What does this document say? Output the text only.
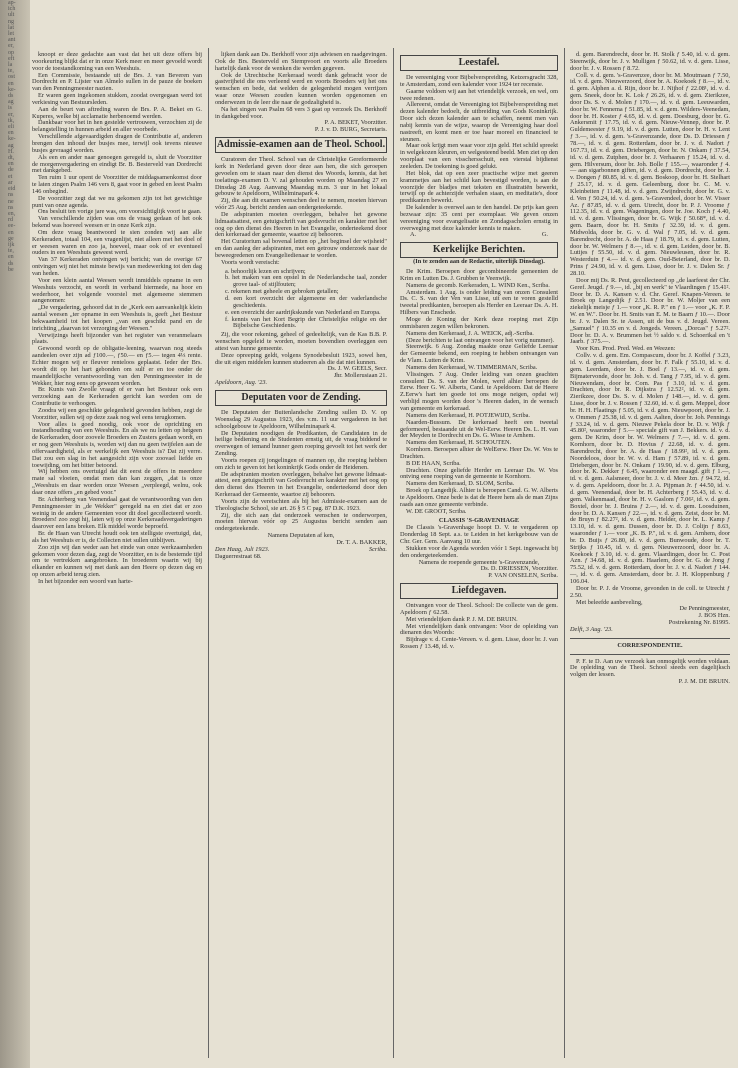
ap-
ich
ult
ng
lat
let
ant
er,
op
eft
la
te,
ost
en
ke-
ds
ag
is
er,
tk,
eli
en
ke-
ag
H.
dt,
en
de
et
ar
eid
ns
ne
ns
en,
rd
ee-
en
ge
ijk
te,
en
ds
be

knoopt er deze gedachte aan vast dat het uit deze offers bij voorkeuring blijkt dat er in onze Kerk meer en meer gevoeld wordt voor de toestandkoming van een Weeshuis.

Een Commissie, bestaande uit de Brs. J. van Beveren van Dordrecht en P. Lijster van Almelo sullen in de pauze de boeken van den Penningmeester nazien.

Er waren geen ingekomen stukken, zoodat overgegaan werd tot verkiesing van Bestuursleden.

Aan de beurt van aftreding waren de Brs. P. A. Beket en G. Kuperes, welke bij acclamatie herbenoemd werden.

Dankbaar voor het in hen gestelde vertrouwen, verzochten zij de belangstelling in hunnen arbeid en aller voorbede.

Verschillende afgevaardigden dragen de Contributie af, anderen brengen den inhoud der busjes mee, terwijl ook tevens nieuwe busjes gevraagd worden.

Als een en ander naar genoegen geregeld is, sluit de Voorzitter de morgenvergadering en eindigt Br. B. Besterveld van Dordrecht met dankgebed.

Ten ruim 1 uur opent de Voorzitter de middagsamenkomst door te laten zingen Psalm 146 vers 8, gaat voor in gebed en leest Psalm 146 onbegind.

De voorzitter zegt dat we nu gekomen zijn tot het gewichtige punt van onze agenda.

Ons besluit ten vorige jare was, om voorsichtiglijk voort te gaan.

Van verschillende zijden was ons de vraag gedaan of het ook bekend was hoeveel weesen er in onze Kerk zijn.

Om deze vraag beantwoord te sien zonden wij aan alle Kerkeraden, totaal 104, een vragenlijst, niet alleen met het doel of er weesen waren en zoo ja, hoeveel, maar ook of er eventueel ouders in een Weeshuis geweest werd.

Van 37 Kerkeraden ontvingen wij bericht; van de overige 67 ontvingen wij niet het minste bewijs van medewerking tot den dag van heden.

Voor een klein aantal Weesen wordt inmiddels opname in een Weeshuis verzocht, en wordt in verband hiermede, na hoor en wederhoor, het volgende voorstel met algemeene stemmen aangenomen:

„De vergadering, gehoord dat in de „Kerk een aanvankelijk klein aantal weesen „ter opname in een Weeshuis is, geeft „het Bestuur bekwaamheid tot het koopen „van een geschikt pand en de inrichting „daarvan tot verzorging der Weesen."

Verwijzings heeft bijzonder van het register van veranmelaars plaats.

Gewoond wordt op de obligatie-leening, waarvan nog steeds aandeelen over zijn ad ƒ100.—, ƒ50.— en ƒ5.— tegen 4⅓ rente. Echter mogen wij er fleuver renteloos geplaatst. Ieder der Brs. wordt dit op het hart gebonden om sulf er en toe onder de maandelijksche verantwoording van den Penningmeester in de Wekker, hier nog eens op gewezen worden.

Br. Kunis van Zwolle vraagt of er van het Bestuur ook een verzoeking aan de Kerkeraden gericht kan worden om de Contributie te verhoogen.

Zoodra wij een geschikte gelegenheid gevonden hebben, zegt de Voorzitter, sullen wij op deze zaak nog wel eens terugkomen.

Voor alles is goed noodig, ook voor de oprichting en instandhouding van een Weeshuis. En als we nu letten op hetgeen de Kerkeraden, door zoovele Broeders en Zusters gedaan wordt, en er nog geen Weeshuis is, worden wij dan nu geen twijfelen aan de offervaardigheid, als er werkelijk een Weeshuis is? Dat zij verre. Dat zou een slag in het aangesicht zijn voor zoovael liefde en toewijding, om het bitter betoond.

Wij hebben ons overtuigd dat dit eerst de offers in meerdere mate sal vloeien, omdat men dan kan zeggen, „dat is onze „Weeshuis en daar worden onze Weesen „verpleegd, welnu, ook daar onze offers „en gebed voor."

Br. Achterberg van Veenendaal gaat de verantwoording van den Penningmeester in „de Wekker" geregeld na en ziet dat er zoo weinig in de andere Gemeenten voor dit doel gecollecteerd wordt. Broeders! zoo zegt hij, laten wij op onze Kerkeraadsvergaderingen daarover een lans breken. Elk middel worde beproefd.

Br. de Haan van Utrecht houdt ook ten stelligste overtuigd, dat, als het Weeshuis er is, de Collecten niet sullen uitblijven.

Zoo zijn wij dan weder aan het einde van onze werkzaamheden gekomen voor dezen dag, zegt de Voorzitter, en is de bestemde tijd om te vertrekken aangebroken. In broederen waarin wij bij elkander en kunnen wij met dank aan den Heere op dezen dag en op onzen arbeid terug zien.

In het bijzonder een woord van harte-

lijken dank aan Ds. Berkhoff voor zijn adviesen en raadgevingen. Ook de Brs. Besterveld en Stempvoort en voorts alle Broeders hartelijk dank voor de wenken die werden gegeven.

Ook de Utrechtsche Kerkeraad wordt dank gebracht voor de gastvrijheid die ons verleend werd en voorts Broeders wij het ons wenschen en bede, dat welden de gelegenheid mogen verrijzen waar onze Weesen zouden kunnen worden opgenomen en onderwezen in de leer die naar de godzaligheid is.

Na het singen van Psalm 68 vers 3 gaat op verzoek Ds. Berkhoff in dankgebed voor.

P. A. BEKET, Voorzitter.
P. J. v. D. BURG, Secretaris.
Admissie-examen aan de Theol. School.

Curatoren der Theol. School van de Christelijke Gereformeerde kerk in Nederland geven door deze aan hen, die sich geroepen gevoelen om te staan naar den dienst des Woords, kennis, dat het toelatings-examen D. V. zal gehouden worden op Maandag 27 en Dinsdag 28 Aug. Aanvang Maandag m.m. 3 uur in het lokaal gebouw te Apeldoorn, Wilhelminapark 4.

Zij, die aan dit examen wenschen deel te nemen, moeten hiervan vóór 25 Aug. bericht zenden aan ondergeteekende.

De adspiranten moeten overleggen, behalve het gewone lidmaatsattest, een getuigschrift van godsvrucht en karakter met het oog op den dienst des Heeren in het Evangelie, onderteekend door den kerkeraad der gemeente, waartoe zij behooren.

Het Curatorium sal bovenal letten op „het beginsel der wijsheid" en dan aanleg der adspiranten, met een getrouw onderzoek naar de beweegredenen om Evangeliedienaar te worden.

Voorts wordt vereischt:

a. behoorlijk lezen en schrijven;
b. het maken van een opstel in de Nederlandsche taal, zonder grove taal- of stijlfouten;
c. rekenen met geheele en gebroken getallen;
d. een kort overzicht der algemeene en der vaderlandsche geschiedenis.
e. een overzicht der aardrijkskunde van Nederland en Europa.
f. kennis van het Kort Begrip der Christelijke religie en der Bijbelsche Geschiedenis.

Zij, die voor rekening, geheel of gedeeltelijk, van de Kas B.B. P. wenschen opgeleid te worden, moeten bovendien overleggen een attest van hunne gemeente.

Deze opreeping geldt, volgens Synodebesluit 1923, sowel hen, die uit eigen middelen kunnen studeeren als die dat niet kunnen.

Ds. J. W. GEELS, Secr.
Jhr. Mollerusiaan 21.
Apeldoorn, Aug. '23.
Deputaten voor de Zending.

De Deputaten der Buitenlandsche Zending sullen D. V. op Woensdag 29 Augustus 1923, des v.m. 11 uur vergaderen in het schoolgebouw te Apeldoorn, Wilhelminapark 4.

De Deputaten noodigen de Predikanten, de Candidaten in de heilige bediening en de Studenten ernstig uit, de vraag biddend te overwegen of iemand hunner geen roeping gevoelt tot het werk der Zending.

Voorts roepen zij jongelingen of mannen op, die roeping hebben om zich te geven tot het koninkrijk Gods onder de Heidenen.

De adspiranten moeten overleggen, behalve het gewone lidmaat-attest, een getuigschrift van Godsvrucht en karakter met het oog op den dienst des Heeren in het Evangelie, onderteekend door den Kerkeraad der Gemeente, waartoe zij behooren.

Voorts zijn de vereischten als bij het Admissie-examen aan de Theologische School, sie art. 26 § 5 C pag. 87 D.K. 1923.

Zij, die sich aan dat onderzoek wenschen te onderworpen, moeten hiervan vóór op 25 Augustus bericht senden aan ondergeteekende.

Namens Deputaten af ken,
Dr. T. A. BAKKER,
Den Haag, Juli 1923.	Scriba.
Daguerrestraat 68.
Leestafel.

De vereeniging voor Bijbelverspreiding, Keizersgracht 328, te Amsterdam, zond een kalender voor 1924 ter recensie.

Gaarne voldoen wij aan het vriendelijk verzoek, en wel, om twee redenen.

Allereerst, omdat de Vereeniging tot Bijbelverspreiding met dezen kalender bedoelt, de uitbreiding van Gods Koninkrijk. Door sich dezen kalender aan te schaffen, neemt men van nabij kennis van de wijze, waarop de Vereeniging haar doel nastreeft, en komt men er toe haar moreel en financieel te steunen.

Maar ook krijgt men waar voor zijn geld. Het schild spreekt in welgekozen kleuren, en welgesteend beeld. Men ziet op den voorplaat van een visschersschuit, een vierstal bijdienst zeeleden. De toekening is goed gelukt.

Het blok, dat op een zeer practische wijze met geeren krammetjes aan het schild kan bevestigd worden, is aan de voorzijde der bladjes met teksten en illustratiën bewerkt, terwijl op de achterzijde verhalen staan, en meditatie's, door predikanten bewerkt.

De kalender is overwel aan te den handel. De prijs kan geen bezwaar zijn: 35 cent per exemplaar. We geven onzen vereeniging voor evangelisatie en Zondagsscholen ernstig in overweging met deze kalender kennis te maken.

A.	G.
Kerkelijke Berichten.
(In te zenden aan de Redactie, uiterlijk Dinsdag).

De Krim. Beroepen door gecombineerde gemeenten de Krim en Lutten Ds. J. Grubben te Veenwijk.

Namens de gecomb. Kerkeraden, L. WIND Ken., Scriba.

Amsterdam. 1 Aug. is onder leiding van onzen Consulent Ds. C. S. van der Ven van Lisse, uit een te voren gestelld tweetal predikanten, beroepen als Herder en Leeraar Ds. A. H. Hilbers van Enschede.

Moge de Koning der Kerk deze roeping met Zijn onmisbaren zegen willen bekronen.

Namens den Kerkeraad, J. A. WEICK, adj.-Scriba.

(Deze berichten te laat ontvangen voor het vorig nummer).

Steenwijk. 6 Aug. Zondag maakte onze Geliefde Leeraar der Gemeente bekend, een roeping te hebben ontvangen van de Vlam. Lutten de Krim.

Namens den Kerkeraad, W. TIMMERMAN, Scriba.

Vlissingen. 7 Aug. Onder leiding van onzen geachten consulent Ds. S. van der Molen, werd alhier beroepen de Eerw. Heer G. W. Alberts, Cand. te Apeldoorn. Dat de Heere Z.Eerw's hart ten goede tot ons moge neigen, opdat wij verblijd mogen worden door 's Heeren daden, in de wensch van gemeente en kerkeraad.

Namens den Kerkeraad, H. POTJEWIJD, Scriba.

Naarden-Bussum. De kerkeraad heeft een tweetal geformeerd, bestaande uit de Wel-Eerw. Heeren Ds. L. H. van der Meyden te Dordrecht en Ds. G. Wisse te Arnhem.

Namens den Kerkeraad, H. SCHOUTEN.

Kornhorn. Beroepen alhier de WelEerw. Heer Ds. W. Vos te Drachten.

B DE HAAN, Scriba.

Drachten. Onze geliefde Herder en Leeraar Ds. W. Vos ontving eene roeping van de gemeente te Kornhorn.

Namens den Kerkeraad, D. SLOM, Scriba.

Broek op Langedijk. Alhier is beroepen Cand. G. W. Alberts te Apeldoorn. Onze bede is dat de Heere hem als de man Zijns raads aan onze gemeente verbinde.

W. DE GROOT, Scriba.

CLASSIS 'S-GRAVENHAGE

De Classis 's-Gravenhage hoopt D. V. te vergaderen op Donderdag 18 Sept. a.s. te Leiden in het kerkgebouw van de Chr. Ger. Gem. Aanvang 10 uur.

Stukken voor de Agenda worden vóór 1 Sept. ingewacht bij den ondergeteekenden.

Namens de roepende gemeente 's-Gravenzande,
Ds. D. DRIESSEN, Voorzitter.
P. VAN ONSELEN, Scriba.
Liefdegaven.

Ontvangen voor de Theol. School: De collecte van de gem. Apeldoorn ƒ 62.58.

Met vriendelijken dank P. J. M. DE BRUIN.

Met vriendelijken dank ontvangen: Voor de opleiding van dienaren des Woords:

Bijdrage v. d. Cente-Vereen. v. d. gem. Lisse, door br. J. van Rossen ƒ 13.48, id. v.

d. gem. Barendrecht, door br. H. Stolk ƒ 5.40, id. v. d. gem. Steenwijk, door br. J. v. Mulligen ƒ 50.62, id. v. d. gem. Lisse, door br. J. v. Rossen ƒ 8.72.

Coll. v. d. gem. 's-Gravenzee, door br. M. Moutmaan ƒ 7.50, id. v. d. gem. Nieuwerzoord, door br. A. Koekoek ƒ 8.—, id. v. d. gem. Alphen a. d. Rijn, door br. J. Nijhof ƒ 22.08¹, id. v. d. gem. Sneek, door br. K. Lok ƒ 26.26, id. v. d. gem. Zierikzee, door Ds. S. v. d. Molen ƒ 170.—, id. v. d. gem. Leeuwarden, door br. W. Fennema ƒ 51.85, id. v. d. gem. Wilders-Veenedam, door br. H. Koster ƒ 4.65, id. v. d. gem. Doesburg, door br. G. Ankersmit ƒ 17.75, id. v. d. gem. Nieuw-Vennep, door br. P. Guldemeester ƒ 9.19, id. v. d. gem. Lutten, door br. H. v. Lent ƒ 3.—, id. v. d. gem. 's-Gravenzande, door Ds. D. Driessen ƒ 78.—, id. v. d. gem. Rotterdam, door br. J. v. d. Nadort ƒ 167.73, id. v. d. gem. Driebergen, door br. N. Onkam ƒ 37.54, id. v. d. gem. Zutphen, door br. J. Verhaaren ƒ 15.24, id. v. d. gem. Hilversum, door br. Joh. Bolle ƒ 155.—, waaronder ƒ 4.— aan sigarbonnen giften, id. v. d. gem. Dordrecht, door br. J. v. Dongen ƒ 80.85, id. v. d. gem. Boskoop, door br. H. Stelhart ƒ 25.17, id. v. d. gem. Geleenburg, door br. C. M. v. Kleinbeiten ƒ 11.48, id. v. d. gem. Zwijndrecht, door br. G. v. d. Ven ƒ 50.24, id. v. d. gem. 's-Gravendeel, door br. W. Visser Az. ƒ 87.85, id. v. d. gem. Utrecht, door br. P. J. Vroome ƒ 112.35, id. v. d. gem. Wageningen, door br. Joe. Koch ƒ 4.40, id. v. d. gem. Vlissingen, door br. G. Wijk ƒ 50.68*, id. v. d. gem. Baarn, door br. H. Smits ƒ 32.39, id. v. d. gem. Midwolda, door br. G. v. d. Wal ƒ 7.05, id. v. d. gem. Barendrecht, door br. A. de Haas ƒ 18.79, id. v. d. gem. Lutten, door br. W. Welmers ƒ 8.—, id. v. d. gem. Leiden, door br. B. Lutijes ƒ 55.50, id. v. d. gem. Nieuwleusen, door br. R. Westerduin ƒ 4.— id. v. d. gem. Oud-Beierland, door br. D. Prins ƒ 24.90, id. v. d. gem. Lisse, door br. J. v. Dalen Sr. ƒ 28.10.

Door mij Ds. R. Peut, gecollecteerd op „de laarfeest der Chr. Geref. Jeugd. ƒ 9.—, id. „bij en werk" te Vlaardingen ƒ 15.41². Door br. D. A. Kansen v. d. Chr. Geref. Knapen-Vereen. te Broek op Langedijk ƒ 2.51. Door br. W. Moljer van een ziekelijk meisje ƒ 1.— voor „K. R. P." en ƒ 1.— voor „K. F. P. W. en W.". Door br. H. Smits van E. M. te Baarn ƒ 10.—. Door br. J. v. Dalen Sr. te Assen, uit de bus v. d. Jeugd. Vereen. „Samuel" ƒ 10.35 en v. d. Jongeds. Vereen. „Dorcas" ƒ 5.27². Door br. D. A. v. Brummen het ½ saldo v. d. Schoerikal en 't Jaarb. ƒ 375.—.

Voor Km. Prod. Pred. Wed. en Weezen:

Collv. v. d. gem. Em. Compascum, door br. J. Koffel ƒ 3.23, id. v. d. gem. Amsterdam, door br. F. Falk ƒ 55.10, id. v. d. gem. Leerdam, door br. J. Boel ƒ 13.—, id. v. d. gem. Bijmatervonde, door br. Joh. v. d. Tang ƒ 7.95, id. v. d. gem. Nieuwendam, door br. Corn. Pas ƒ 3.10, id. v. d. gem. Drachten, door br. R. Dijkstra ƒ 12.52², id. v. d. gem. Zierikzee, door Ds. S. v. d. Molen ƒ 148.—, id. v. d. gem. Lisse, door br. J. v. Rossen ƒ 32.60, id. v. d. gem. Meppel, door br. H. H. Flaatings ƒ 5.05, id. v. d. gem. Nieuwpoort, door br. J. v. Ommen ƒ 25.38, id. v. d. gem. Aalten, door br. Joh. Pennings ƒ 33.24, id. v. d. gem. Nieuwe Pekela door br. D. v. Wijk ƒ 45.80², waaronder ƒ 5.— speciale gift van J. Bekkers. id. v. d. gem. De Krim, door br. W. Welmers ƒ 7.—, id. v. d. gem. Kornhorn, door br. D. Hovius ƒ 22.68, id. v. d. gem. Barendrecht, door br. A. de Haas ƒ 18.99², id. v. d. gem. Noordeloos, door br. W. v. d. Ham ƒ 57.89, id. v. d. gem. Driebergen, door br. N. Onkam ƒ 19.90, id. v. d. gem. Elburg, door br. K. Dekker ƒ 6.45, waaronder een maagd. gift ƒ 1.—, id. v. d. gem. Aalsmeer, door br. J. v. d. Meer Jzn. ƒ 94.72, id. v. d. gem. Apeldoorn, door br. J. A. Pijpman Jr. ƒ 44.50, id. v. d. gem. Veenendaal, door br. H. Achterberg ƒ 55.43, id. v. d. gem. Valkenmaad, door br. H. v. Gaslom ƒ 7.06², id. v. d. gem. Boxtel, door br. J. Bruins ƒ 2.—, id. v. d. gem. Loosduinen, door br. D. A. Kansen ƒ 22.—, id. v. d. gem. Zeist, door br. M. de Bruyn ƒ 82.27², id. v. d. gem. Helder, door br. L. Kamp ƒ 13.10, id. v. d. gem. Dussen, door br. D. J. Colijn ƒ 8.63, waaronder ƒ 1.— voor „K. B. P.", id. v. d. gem. Arnhem, door br. D. Buijs ƒ 26.80, id. v. d. gem. Bunwoude, door br. T. Strijks ƒ 10.45, id. v. d. gem. Nieuwerzoord, door br. A. Koekoek ƒ 3.10, id. v. d. gem. Vlaardingen, door br. C. Post Azn. ƒ 34.68, id. v. d. gem. Haarlem, door br. G. de Jong ƒ 75.52, id. v. d. gem. Rotterdam, door br. J. v. d. Nadort ƒ 144.—, id. v. d. gem. Amsterdam, door br. J. H. Kloppenburg ƒ 106.04.

Door br. P. J. de Vroome, gevonden in de coll. te Utrecht ƒ 2.50.

Met beleefde aanbeveling,

De Penningmeester,
J. BOS Hzn.
Postrekening Nr. 81995.
Delft, 3 Aug. '23.
CORRESPONDENTIE.

P. F. te D. Aan uw verzoek kan onmogelijk worden voldaan. De opleiding van de Theol. School steeds een dagelijksch volgen der lessen.

P. J. M. DE BRUIN.
